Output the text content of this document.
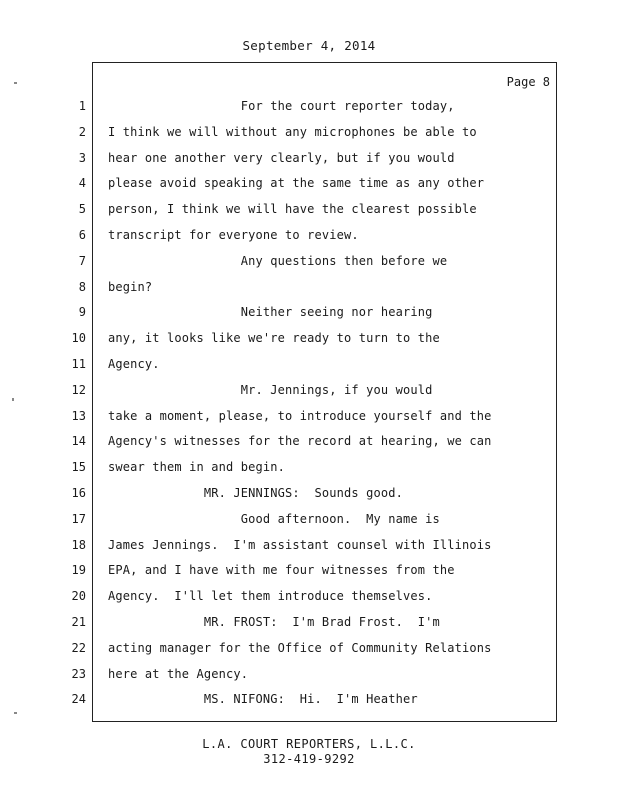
September 4, 2014
Page 8
1
2
3
4
5
6
7
8
9
10
11
12
13
14
15
16
17
18
19
20
21
22
23
24
For the court reporter today,
I think we will without any microphones be able to
hear one another very clearly, but if you would
please avoid speaking at the same time as any other
person, I think we will have the clearest possible
transcript for everyone to review.
Any questions then before we
begin?
Neither seeing nor hearing
any, it looks like we're ready to turn to the
Agency.
Mr. Jennings, if you would
take a moment, please, to introduce yourself and the
Agency's witnesses for the record at hearing, we can
swear them in and begin.
MR. JENNINGS:  Sounds good.
Good afternoon.  My name is
James Jennings.  I'm assistant counsel with Illinois
EPA, and I have with me four witnesses from the
Agency.  I'll let them introduce themselves.
MR. FROST:  I'm Brad Frost.  I'm
acting manager for the Office of Community Relations
here at the Agency.
MS. NIFONG:  Hi.  I'm Heather
L.A. COURT REPORTERS, L.L.C.
312-419-9292
